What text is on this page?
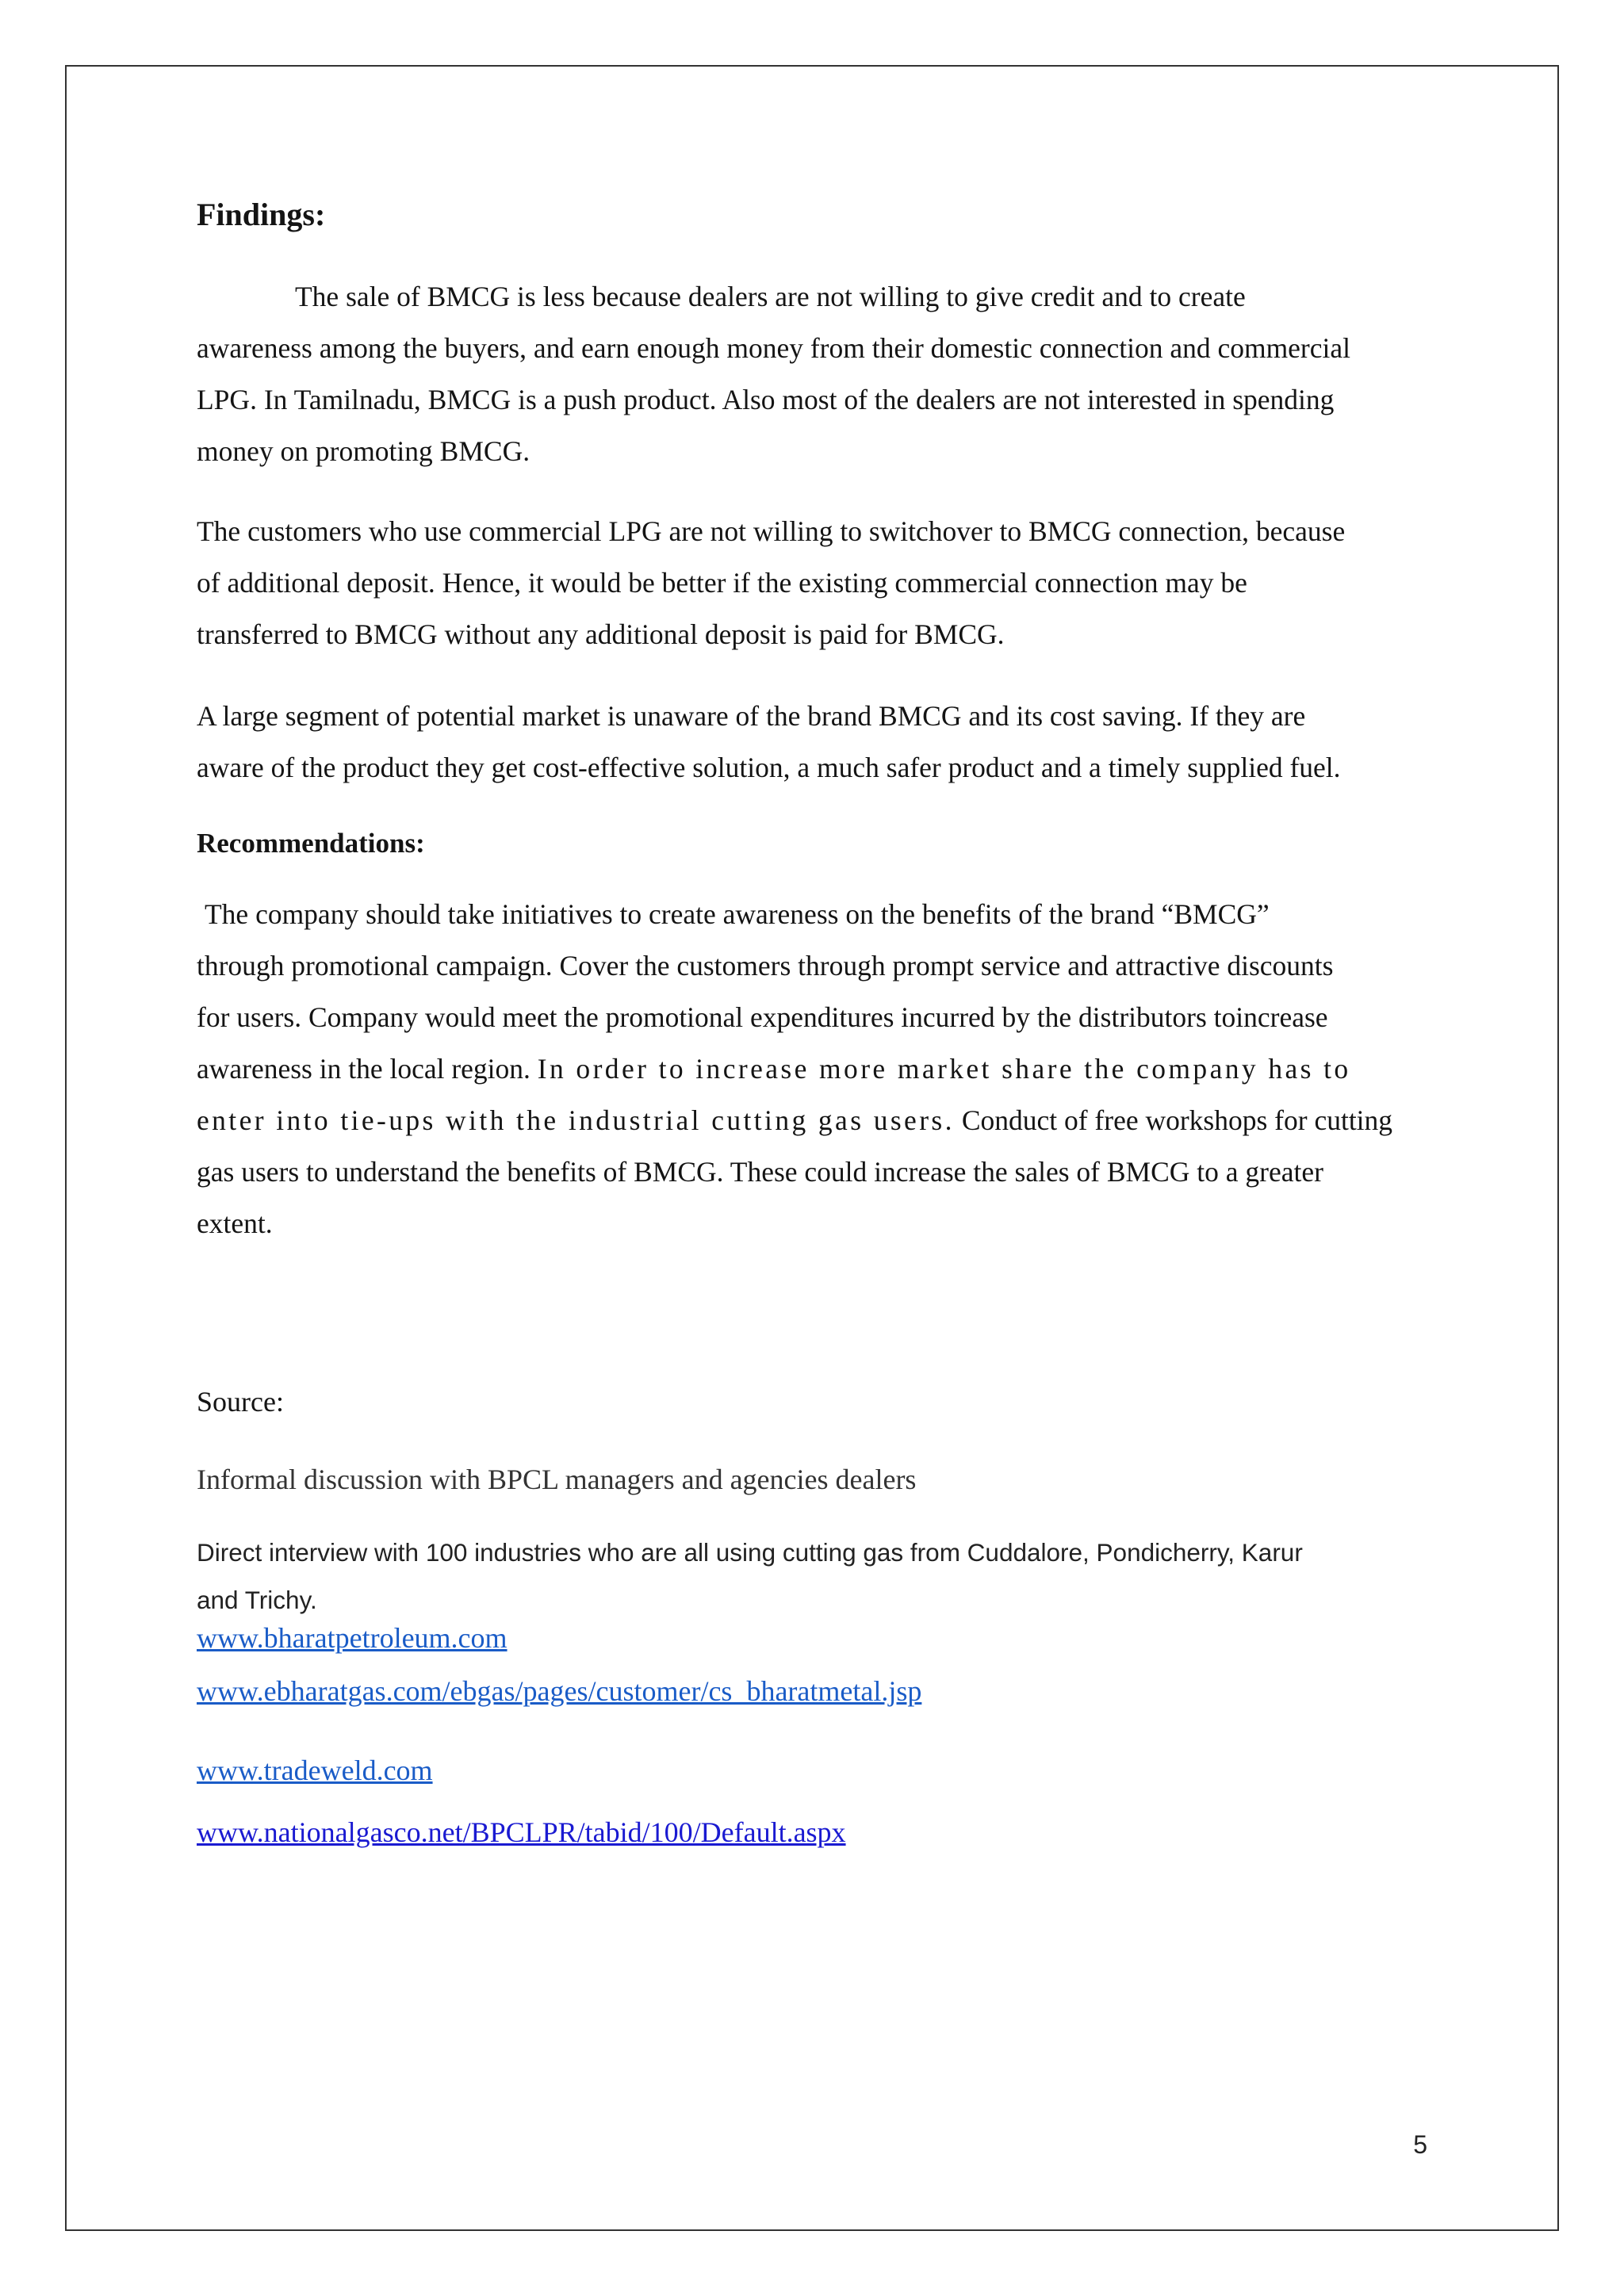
Findings:

The sale of BMCG is less because dealers are not willing to give credit and to create
awareness among the buyers, and earn enough money from their domestic connection and commercial
LPG. In Tamilnadu, BMCG is a push product. Also most of the dealers are not interested in spending
money on promoting BMCG.

The customers who use commercial LPG are not willing to switchover to BMCG connection, because
of additional deposit. Hence, it would be better if the existing commercial connection may be
transferred to BMCG without any additional deposit is paid for BMCG.

A large segment of potential market is unaware of the brand BMCG and its cost saving. If they are
aware of the product they get cost-effective solution, a much safer product and a timely supplied fuel.

Recommendations:

The company should take initiatives to create awareness on the benefits of the brand “BMCG”
through promotional campaign. Cover the customers through prompt service and attractive discounts
for users. Company would meet the promotional expenditures incurred by the distributors toincrease
awareness in the local region. In order to increase more market share the company has to
enter into tie-ups with the industrial cutting gas users. Conduct of free workshops for cutting
gas users to understand the benefits of BMCG. These could increase the sales of BMCG to a greater
extent.

Source:

Informal discussion with BPCL managers and agencies dealers

Direct interview with 100 industries who are all using cutting gas from Cuddalore, Pondicherry, Karur
and Trichy.

www.bharatpetroleum.com
www.ebharatgas.com/ebgas/pages/customer/cs_bharatmetal.jsp
www.tradeweld.com
www.nationalgasco.net/BPCLPR/tabid/100/Default.aspx
5
